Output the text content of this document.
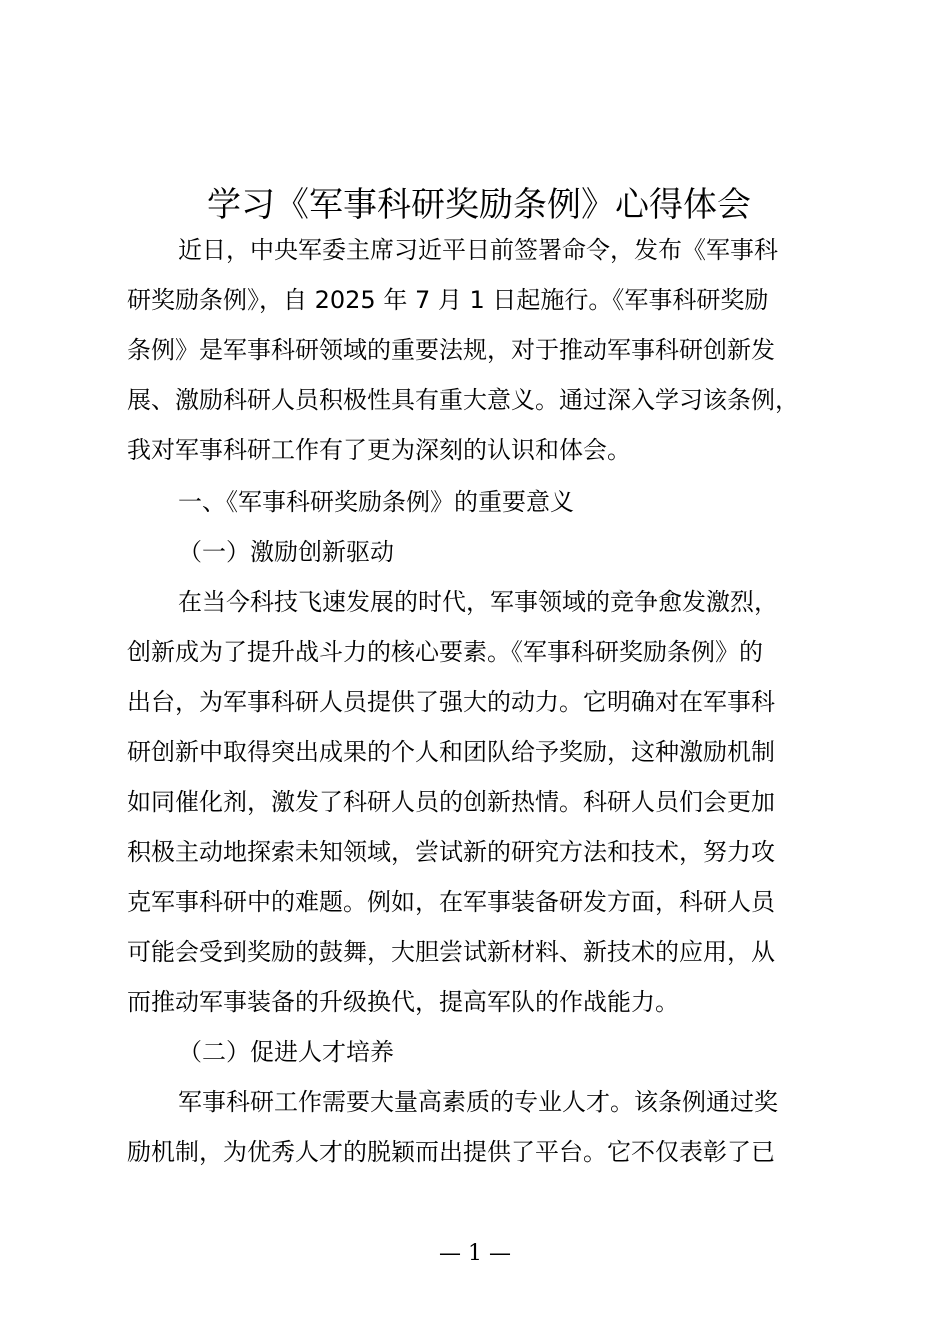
学习《军事科研奖励条例》心得体会
近日，中央军委主席习近平日前签署命令，发布《军事科
研奖励条例》，自 2025 年 7 月 1 日起施行。《军事科研奖励
条例》是军事科研领域的重要法规，对于推动军事科研创新发
展、激励科研人员积极性具有重大意义。通过深入学习该条例，
我对军事科研工作有了更为深刻的认识和体会。
一、《军事科研奖励条例》的重要意义
（一）激励创新驱动
在当今科技飞速发展的时代，军事领域的竞争愈发激烈，
创新成为了提升战斗力的核心要素。《军事科研奖励条例》的
出台，为军事科研人员提供了强大的动力。它明确对在军事科
研创新中取得突出成果的个人和团队给予奖励，这种激励机制
如同催化剂，激发了科研人员的创新热情。科研人员们会更加
积极主动地探索未知领域，尝试新的研究方法和技术，努力攻
克军事科研中的难题。例如，在军事装备研发方面，科研人员
可能会受到奖励的鼓舞，大胆尝试新材料、新技术的应用，从
而推动军事装备的升级换代，提高军队的作战能力。
（二）促进人才培养
军事科研工作需要大量高素质的专业人才。该条例通过奖
励机制，为优秀人才的脱颖而出提供了平台。它不仅表彰了已
— 1 —
